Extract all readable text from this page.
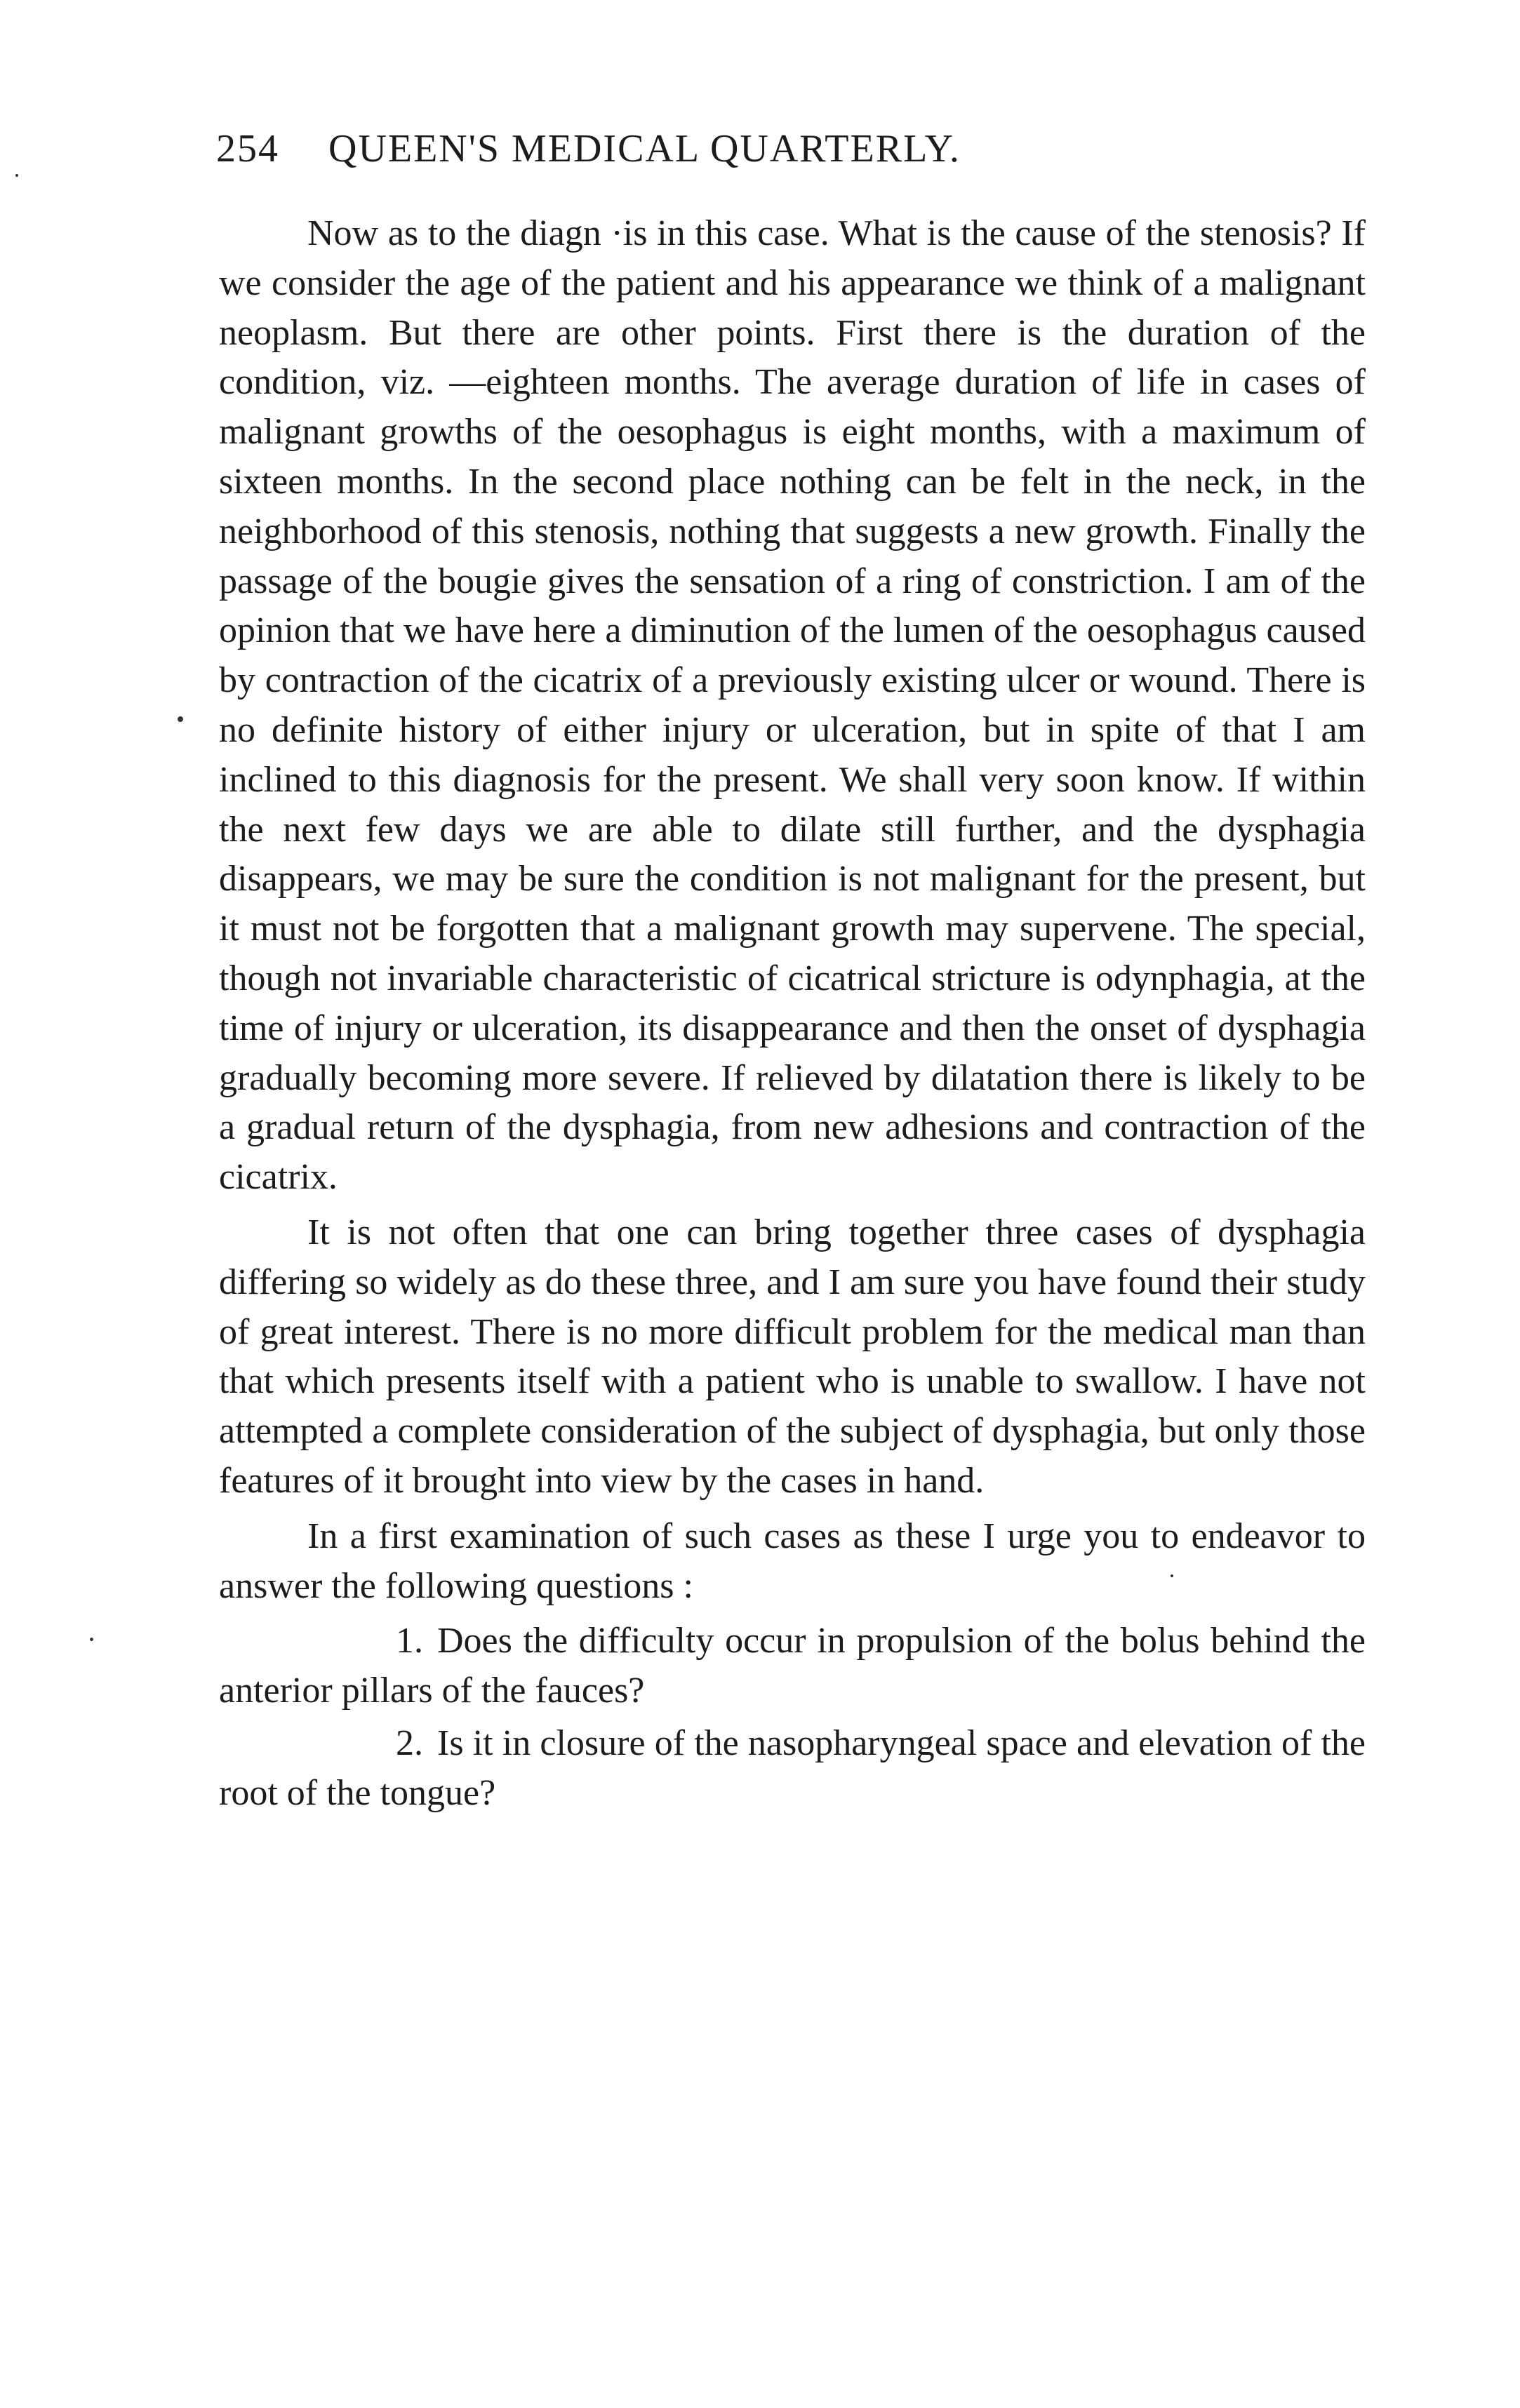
254 QUEEN'S MEDICAL QUARTERLY.

Now as to the diagn ·is in this case. What is the cause of the stenosis? If we consider the age of the patient and his appearance we think of a malignant neoplasm. But there are other points. First there is the duration of the condition, viz. —eighteen months. The average duration of life in cases of malignant growths of the oesophagus is eight months, with a maximum of sixteen months. In the second place nothing can be felt in the neck, in the neighborhood of this stenosis, nothing that suggests a new growth. Finally the passage of the bougie gives the sensation of a ring of constriction. I am of the opinion that we have here a diminution of the lumen of the oesophagus caused by contraction of the cicatrix of a previously existing ulcer or wound. There is no definite history of either injury or ulceration, but in spite of that I am inclined to this diagnosis for the present. We shall very soon know. If within the next few days we are able to dilate still further, and the dysphagia disappears, we may be sure the condition is not malignant for the present, but it must not be forgotten that a malignant growth may supervene. The special, though not invariable characteristic of cicatrical stricture is odynphagia, at the time of injury or ulceration, its disappearance and then the onset of dysphagia gradually becoming more severe. If relieved by dilatation there is likely to be a gradual return of the dysphagia, from new adhesions and contraction of the cicatrix.

It is not often that one can bring together three cases of dysphagia differing so widely as do these three, and I am sure you have found their study of great interest. There is no more difficult problem for the medical man than that which presents itself with a patient who is unable to swallow. I have not attempted a complete consideration of the subject of dysphagia, but only those features of it brought into view by the cases in hand.

In a first examination of such cases as these I urge you to endeavor to answer the following questions :

1. Does the difficulty occur in propulsion of the bolus behind the anterior pillars of the fauces?

2. Is it in closure of the nasopharyngeal space and elevation of the root of the tongue?
